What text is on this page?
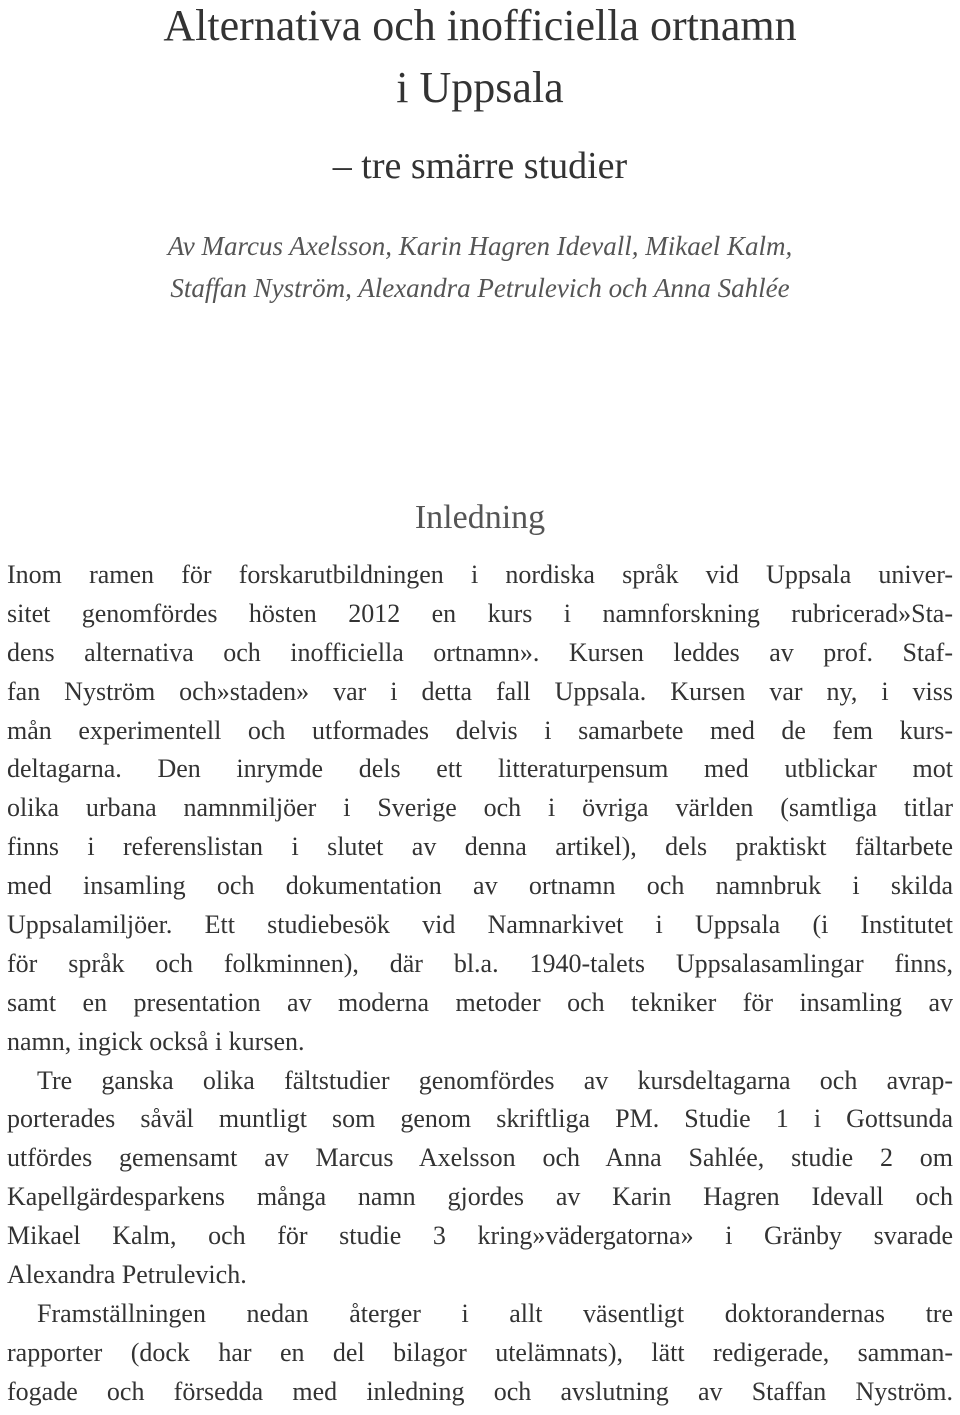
Alternativa och inofficiella ortnamn
i Uppsala
– tre smärre studier
Av Marcus Axelsson, Karin Hagren Idevall, Mikael Kalm,
Staffan Nyström, Alexandra Petrulevich och Anna Sahlée
Inledning
Inom ramen för forskarutbildningen i nordiska språk vid Uppsala univer-
sitet genomfördes hösten 2012 en kurs i namnforskning rubricerad»Sta-
dens alternativa och inofficiella ortnamn». Kursen leddes av prof. Staf-
fan Nyström och»staden» var i detta fall Uppsala. Kursen var ny, i viss
mån experimentell och utformades delvis i samarbete med de fem kurs-
deltagarna. Den inrymde dels ett litteraturpensum med utblickar mot
olika urbana namnmiljöer i Sverige och i övriga världen (samtliga titlar
finns i referenslistan i slutet av denna artikel), dels praktiskt fältarbete
med insamling och dokumentation av ortnamn och namnbruk i skilda
Uppsalamiljöer. Ett studiebesök vid Namnarkivet i Uppsala (i Institutet
för språk och folkminnen), där bl.a. 1940-talets Uppsalasamlingar finns,
samt en presentation av moderna metoder och tekniker för insamling av
namn, ingick också i kursen.
Tre ganska olika fältstudier genomfördes av kursdeltagarna och avrap-
porterades såväl muntligt som genom skriftliga PM. Studie 1 i Gottsunda
utfördes gemensamt av Marcus Axelsson och Anna Sahlée, studie 2 om
Kapellgärdesparkens många namn gjordes av Karin Hagren Idevall och
Mikael Kalm, och för studie 3 kring»vädergatorna» i Gränby svarade
Alexandra Petrulevich.
Framställningen nedan återger i allt väsentligt doktorandernas tre
rapporter (dock har en del bilagor utelämnats), lätt redigerade, samman-
fogade och försedda med inledning och avslutning av Staffan Nyström.
